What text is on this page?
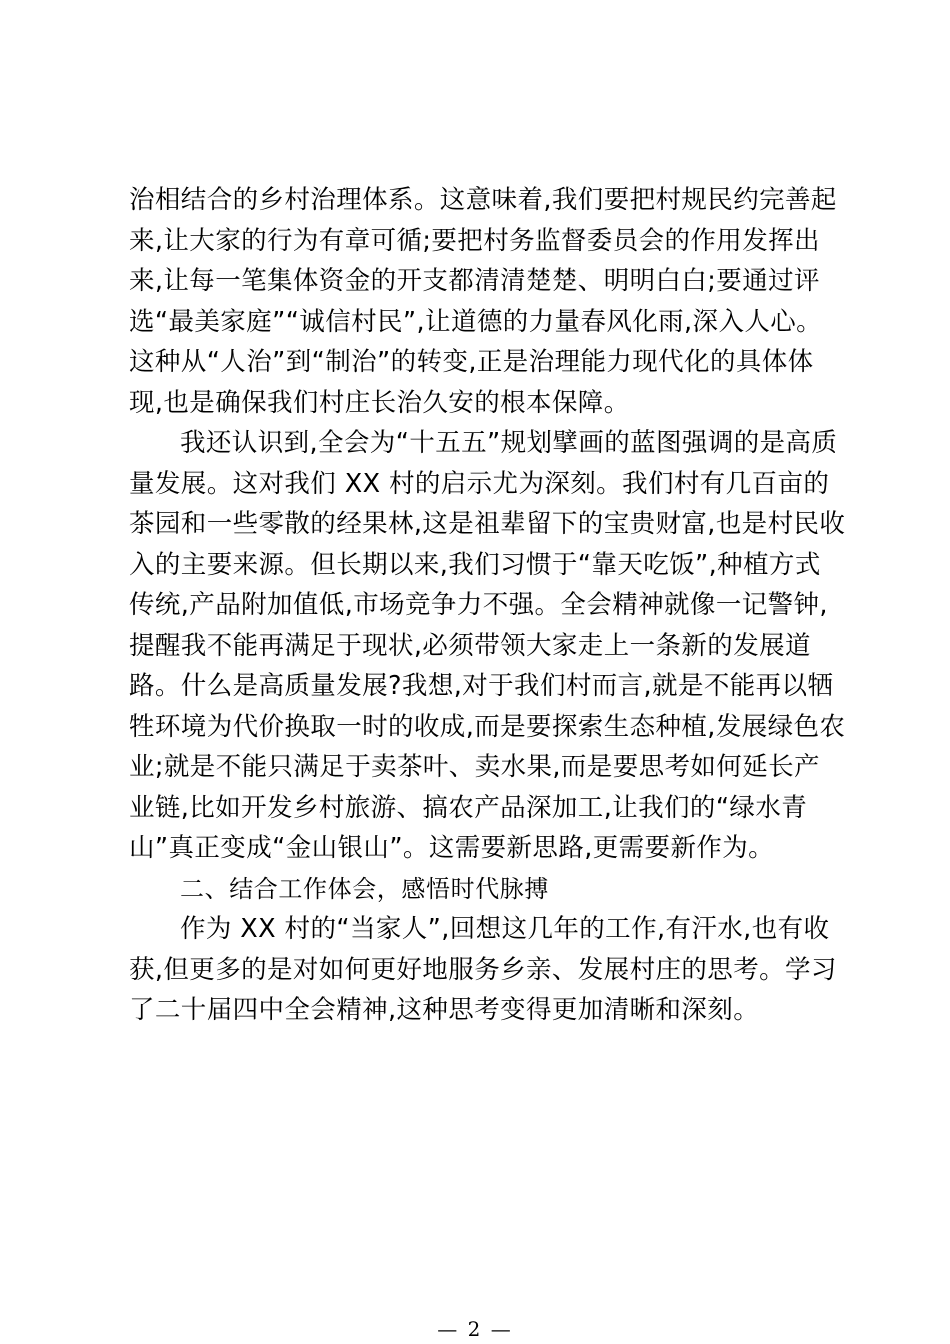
治相结合的乡村治理体系。这意味着,我们要把村规民约完善起
来,让大家的行为有章可循;要把村务监督委员会的作用发挥出
来,让每一笔集体资金的开支都清清楚楚、明明白白;要通过评
选“最美家庭”“诚信村民”,让道德的力量春风化雨,深入人心。
这种从“人治”到“制治”的转变,正是治理能力现代化的具体体
现,也是确保我们村庄长治久安的根本保障。
我还认识到,全会为“十五五”规划擘画的蓝图强调的是高质
量发展。这对我们 XX 村的启示尤为深刻。我们村有几百亩的
茶园和一些零散的经果林,这是祖辈留下的宝贵财富,也是村民收
入的主要来源。但长期以来,我们习惯于“靠天吃饭”,种植方式
传统,产品附加值低,市场竞争力不强。全会精神就像一记警钟,
提醒我不能再满足于现状,必须带领大家走上一条新的发展道
路。什么是高质量发展?我想,对于我们村而言,就是不能再以牺
牲环境为代价换取一时的收成,而是要探索生态种植,发展绿色农
业;就是不能只满足于卖茶叶、卖水果,而是要思考如何延长产
业链,比如开发乡村旅游、搞农产品深加工,让我们的“绿水青
山”真正变成“金山银山”。这需要新思路,更需要新作为。
二、结合工作体会，感悟时代脉搏
作为 XX 村的“当家人”,回想这几年的工作,有汗水,也有收
获,但更多的是对如何更好地服务乡亲、发展村庄的思考。学习
了二十届四中全会精神,这种思考变得更加清晰和深刻。
— 2 —
